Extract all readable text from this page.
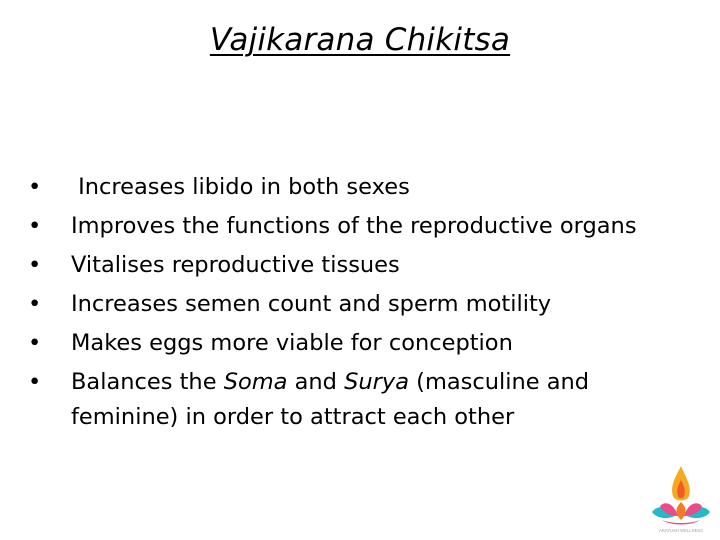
Vajikarana Chikitsa
• Increases libido in both sexes
• Improves the functions of the reproductive organs
• Vitalises reproductive tissues
• Increases semen count and sperm motility
• Makes eggs more viable for conception
• Balances the Soma and Surya (masculine and feminine) in order to attract each other
ARAYUSH WELLNESS
